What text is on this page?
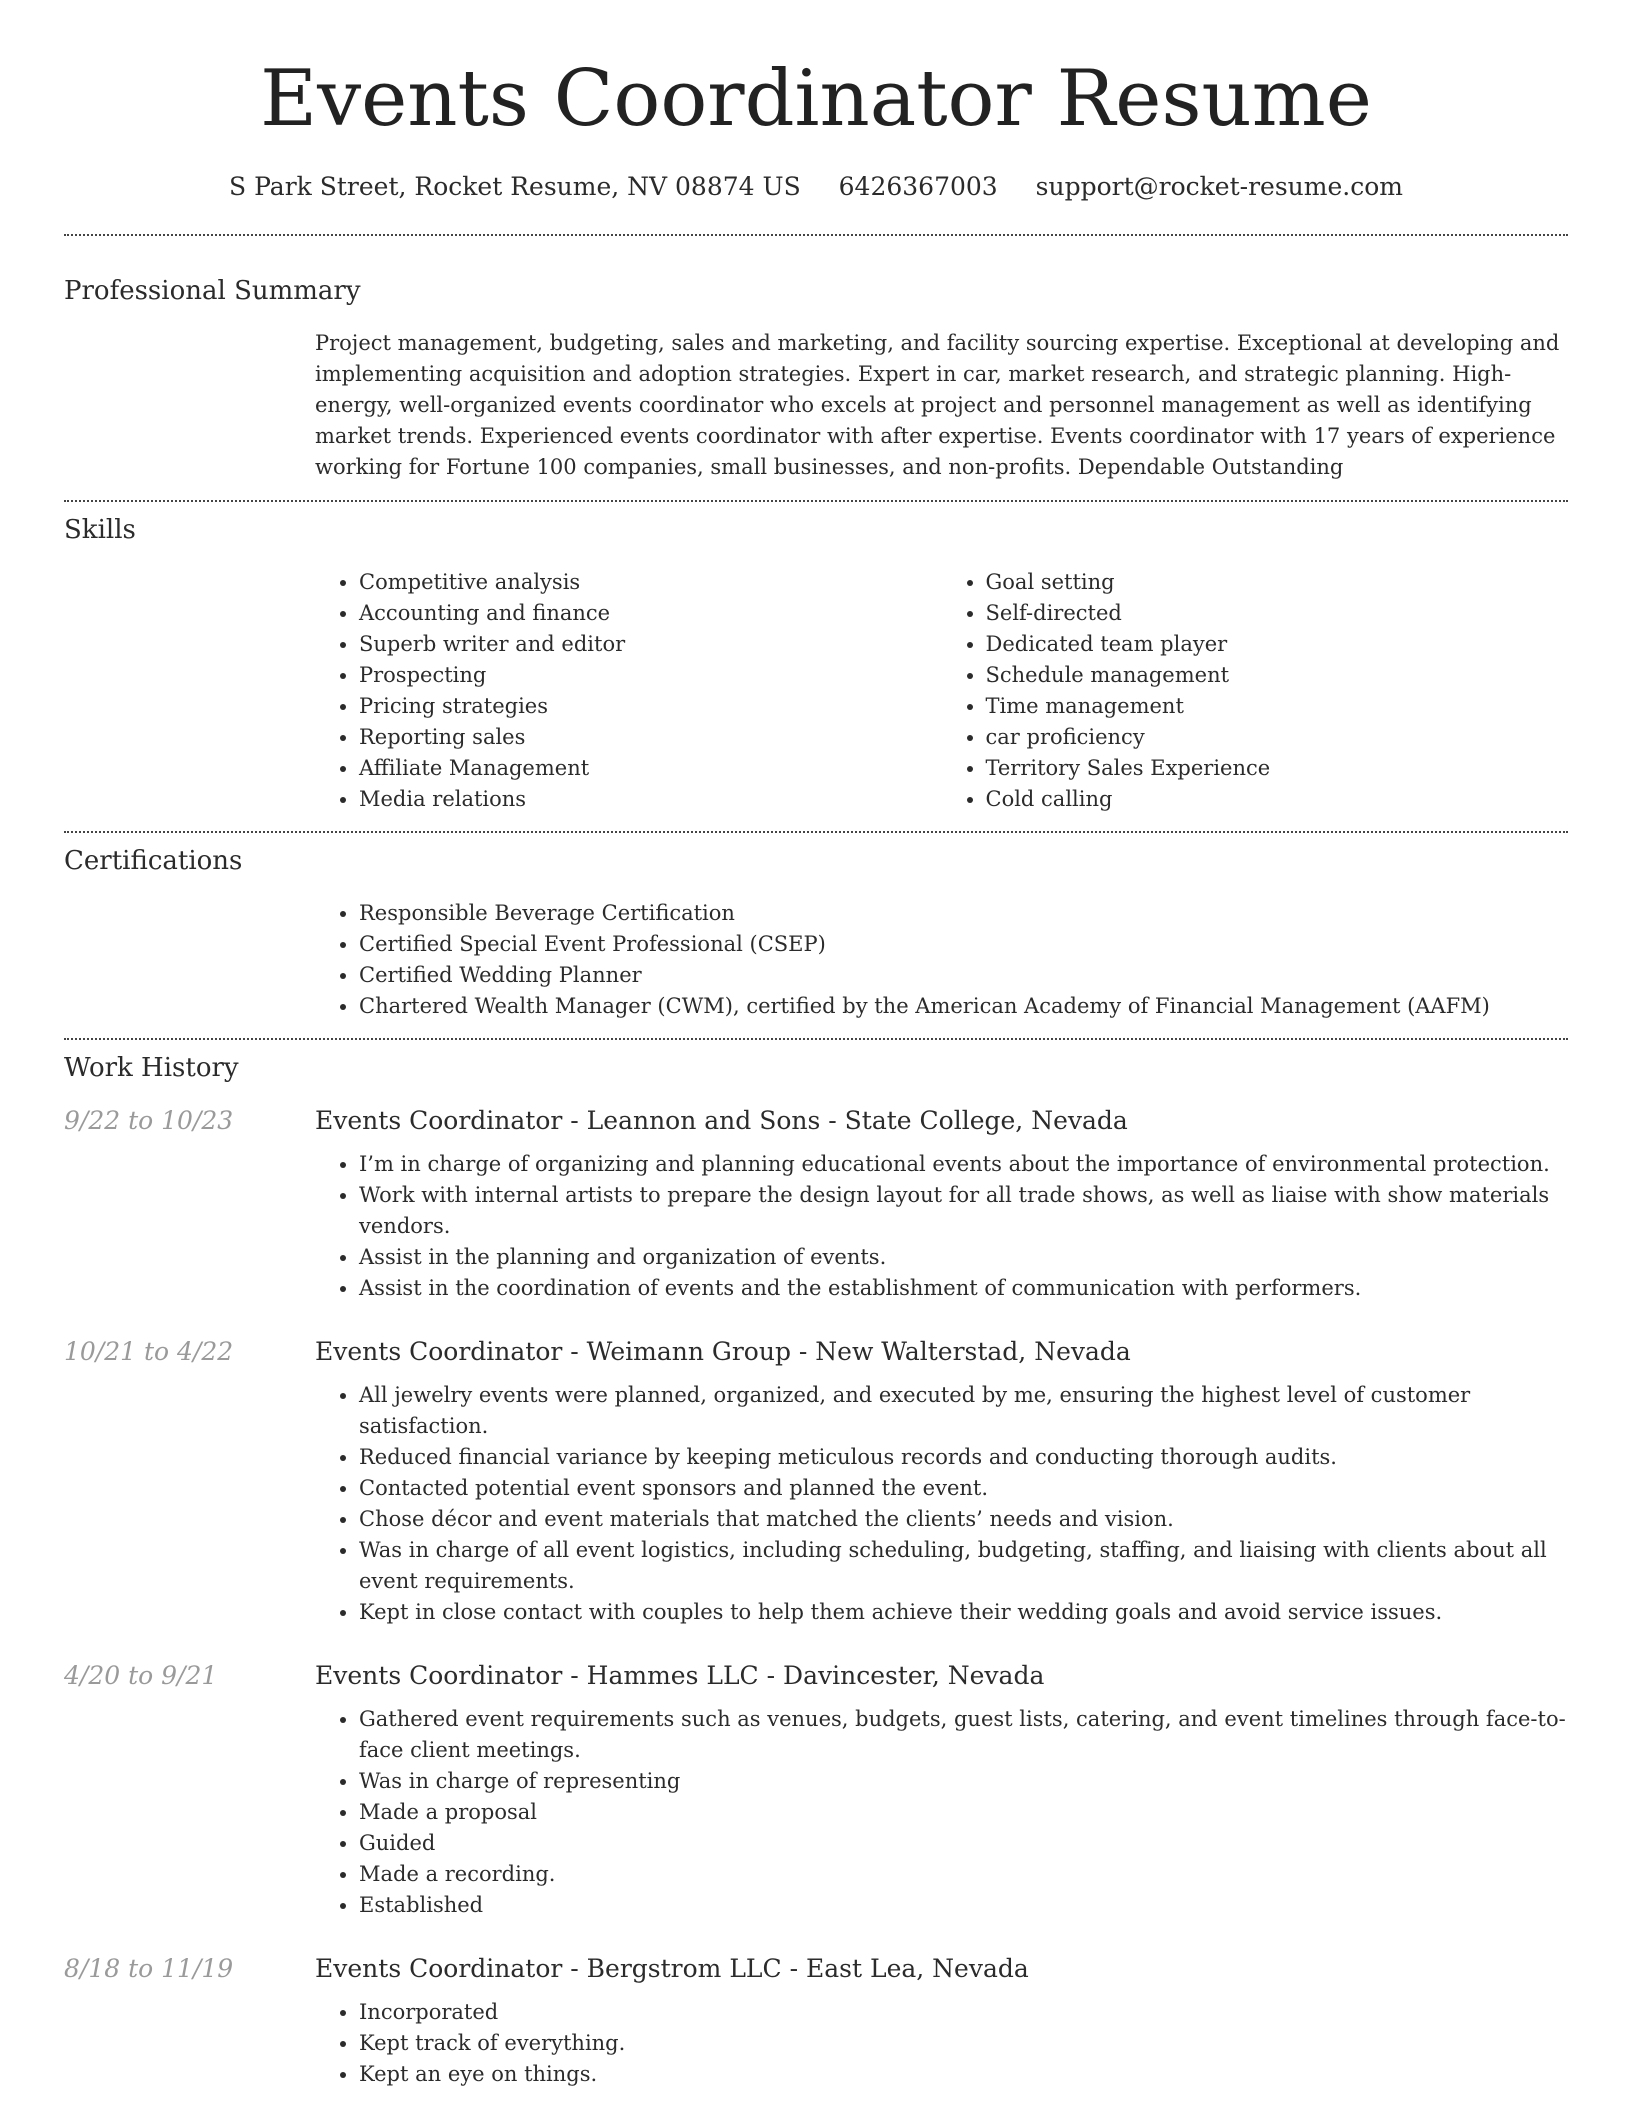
Events Coordinator Resume
S Park Street, Rocket Resume, NV 08874 US 6426367003 support@rocket-resume.com
Professional Summary

Project management, budgeting, sales and marketing, and facility sourcing expertise. Exceptional at developing and implementing acquisition and adoption strategies. Expert in car, market research, and strategic planning. High-energy, well-organized events coordinator who excels at project and personnel management as well as identifying market trends. Experienced events coordinator with after expertise. Events coordinator with 17 years of experience working for Fortune 100 companies, small businesses, and non-profits. Dependable Outstanding

Skills
• Competitive analysis
• Accounting and finance
• Superb writer and editor
• Prospecting
• Pricing strategies
• Reporting sales
• Affiliate Management
• Media relations
• Goal setting
• Self-directed
• Dedicated team player
• Schedule management
• Time management
• car proficiency
• Territory Sales Experience
• Cold calling
Certifications
• Responsible Beverage Certification
• Certified Special Event Professional (CSEP)
• Certified Wedding Planner
• Chartered Wealth Manager (CWM), certified by the American Academy of Financial Management (AAFM)
Work History
9/22 to 10/23	Events Coordinator - Leannon and Sons - State College, Nevada
• I’m in charge of organizing and planning educational events about the importance of environmental protection.
• Work with internal artists to prepare the design layout for all trade shows, as well as liaise with show materials vendors.
• Assist in the planning and organization of events.
• Assist in the coordination of events and the establishment of communication with performers.
10/21 to 4/22	Events Coordinator - Weimann Group - New Walterstad, Nevada
• All jewelry events were planned, organized, and executed by me, ensuring the highest level of customer satisfaction.
• Reduced financial variance by keeping meticulous records and conducting thorough audits.
• Contacted potential event sponsors and planned the event.
• Chose décor and event materials that matched the clients’ needs and vision.
• Was in charge of all event logistics, including scheduling, budgeting, staffing, and liaising with clients about all event requirements.
• Kept in close contact with couples to help them achieve their wedding goals and avoid service issues.
4/20 to 9/21	Events Coordinator - Hammes LLC - Davincester, Nevada
• Gathered event requirements such as venues, budgets, guest lists, catering, and event timelines through face-to-face client meetings.
• Was in charge of representing
• Made a proposal
• Guided
• Made a recording.
• Established
8/18 to 11/19	Events Coordinator - Bergstrom LLC - East Lea, Nevada
• Incorporated
• Kept track of everything.
• Kept an eye on things.
